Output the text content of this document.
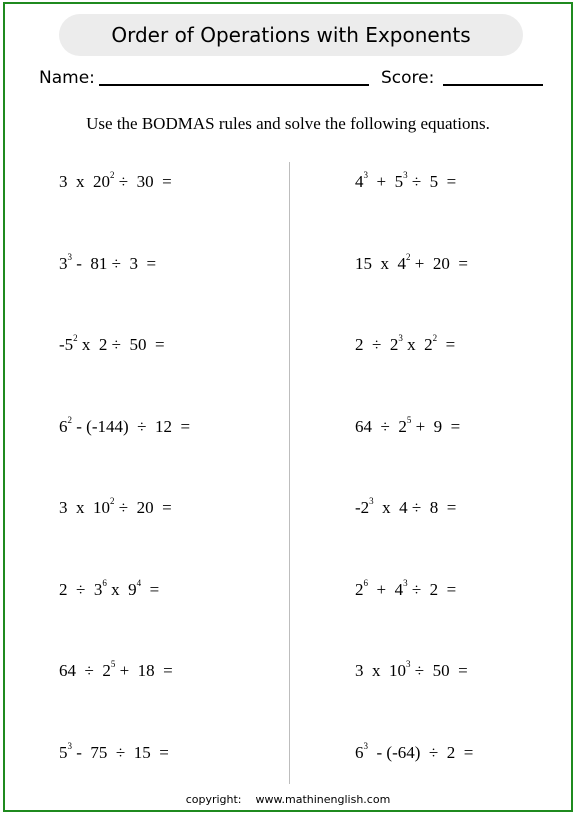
Order of Operations with Exponents
Name:	Score:
Use the BODMAS rules and solve the following equations.
3  x  $20^2 \div 30$  =
$3^3 - 81 \div 3$  =
$-5^2$ x  2 ÷  50  =
$6^2 - (-144) \div 12$  =
3  x  $10^2 \div 20$  =
$2 \div 3^6$ x  $9^4$  =
$64 \div 2^5 + 18$  =
$5^3 - 75 \div 15$  =
$4^3 + 5^3 \div 5$  =
15  x  $4^2 + 20$  =
$2 \div 2^3$ x  $2^2$  =
$64 \div 2^5 + 9$  =
$-2^3$  x  4 ÷  8  =
$2^6 + 4^3 \div 2$  =
3  x  $10^3 \div 50$  =
$6^3 - (-64) \div 2$  =
copyright: www.mathinenglish.com
